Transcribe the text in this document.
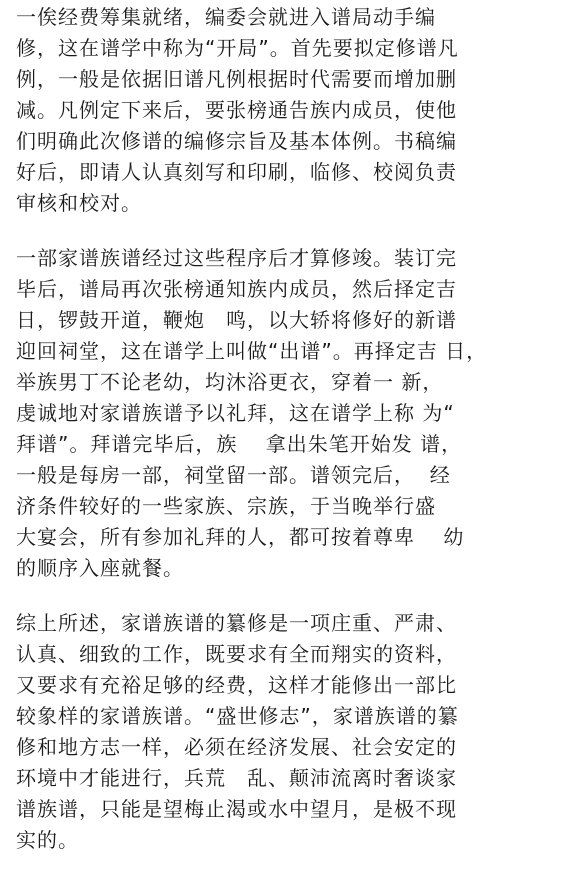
一俟经费筹集就绪，编委会就进入谱局动手编
修，这在谱学中称为“开局”。首先要拟定修谱凡
例，一般是依据旧谱凡例根据时代需要而增加删
减。凡例定下来后，要张榜通告族内成员，使他
们明确此次修谱的编修宗旨及基本体例。书稿编
好后，即请人认真刻写和印刷，临修、校阅负责
审核和校对。
一部家谱族谱经过这些程序后才算修竣。装订完
毕后，谱局再次张榜通知族内成员，然后择定吉
日，锣鼓开道，鞭炮　鸣，以大轿将修好的新谱
迎回祠堂，这在谱学上叫做“出谱”。再择定吉 日，
举族男丁不论老幼，均沐浴更衣，穿着一 新，
虔诚地对家谱族谱予以礼拜，这在谱学上称 为“
拜谱”。拜谱完毕后，族　 拿出朱笔开始发 谱，
一般是每房一部，祠堂留一部。谱领完后，  经
济条件较好的一些家族、宗族，于当晚举行盛
大宴会，所有参加礼拜的人，都可按着尊卑　 幼
的顺序入座就餐。
综上所述，家谱族谱的纂修是一项庄重、严肃、
认真、细致的工作，既要求有全而翔实的资料，
又要求有充裕足够的经费，这样才能修出一部比
较象样的家谱族谱。“盛世修志”，家谱族谱的纂
修和地方志一样，必须在经济发展、社会安定的
环境中才能进行，兵荒　乱、颠沛流离时奢谈家
谱族谱，只能是望梅止渴或水中望月，是极不现
实的。
